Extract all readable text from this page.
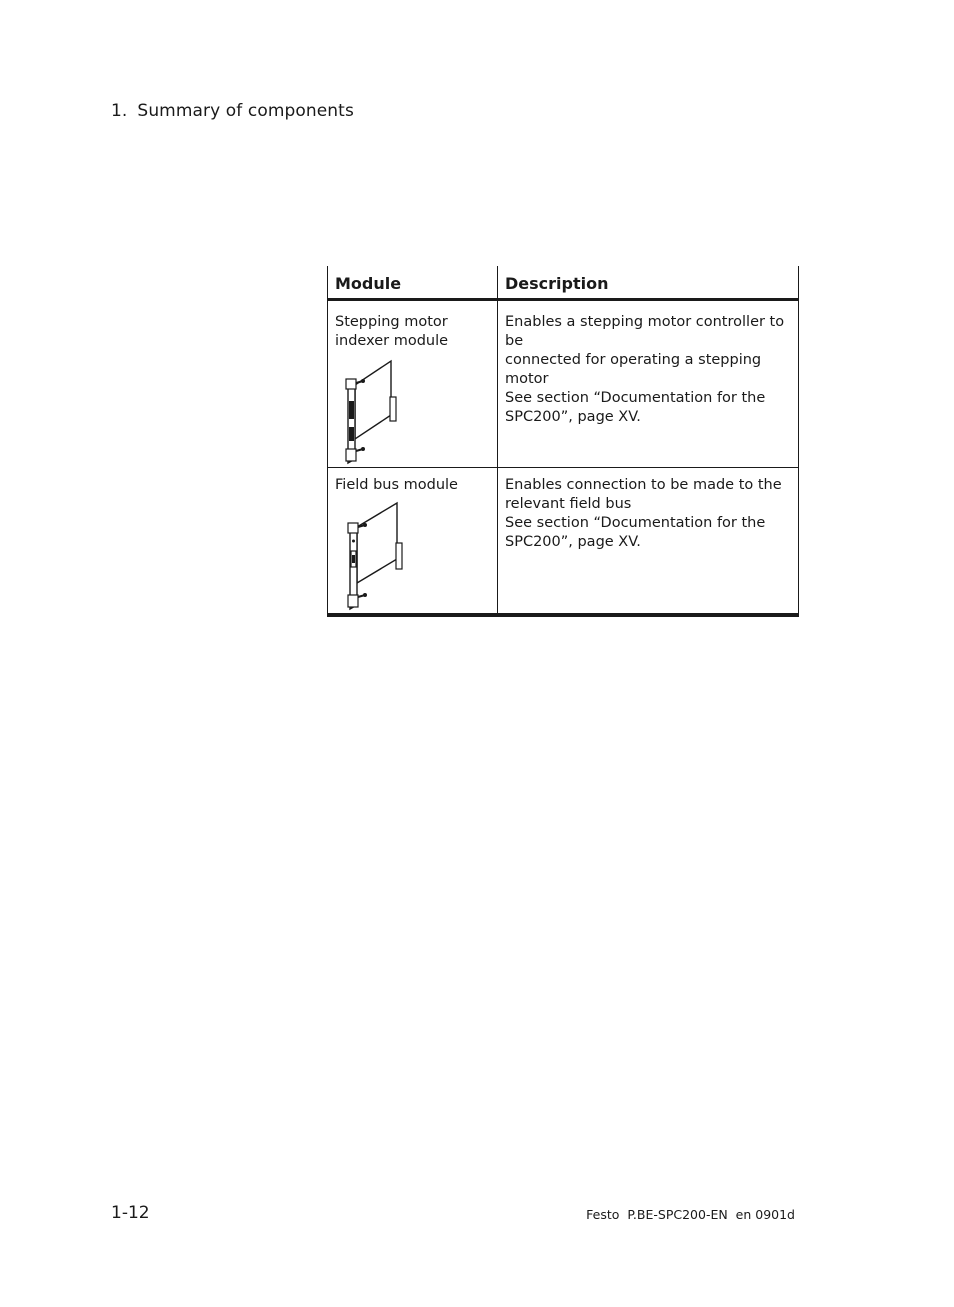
1. Summary of components
Module	Description

Stepping motor
indexer module	Enables a stepping motor controller to be
connected for operating a stepping motor
See section “Documentation for the
SPC200”, page XV.

Field bus module	Enables connection to be made to the
relevant field bus
See section “Documentation for the
SPC200”, page XV.
1-12	Festo  P.BE-SPC200-EN  en 0901d
